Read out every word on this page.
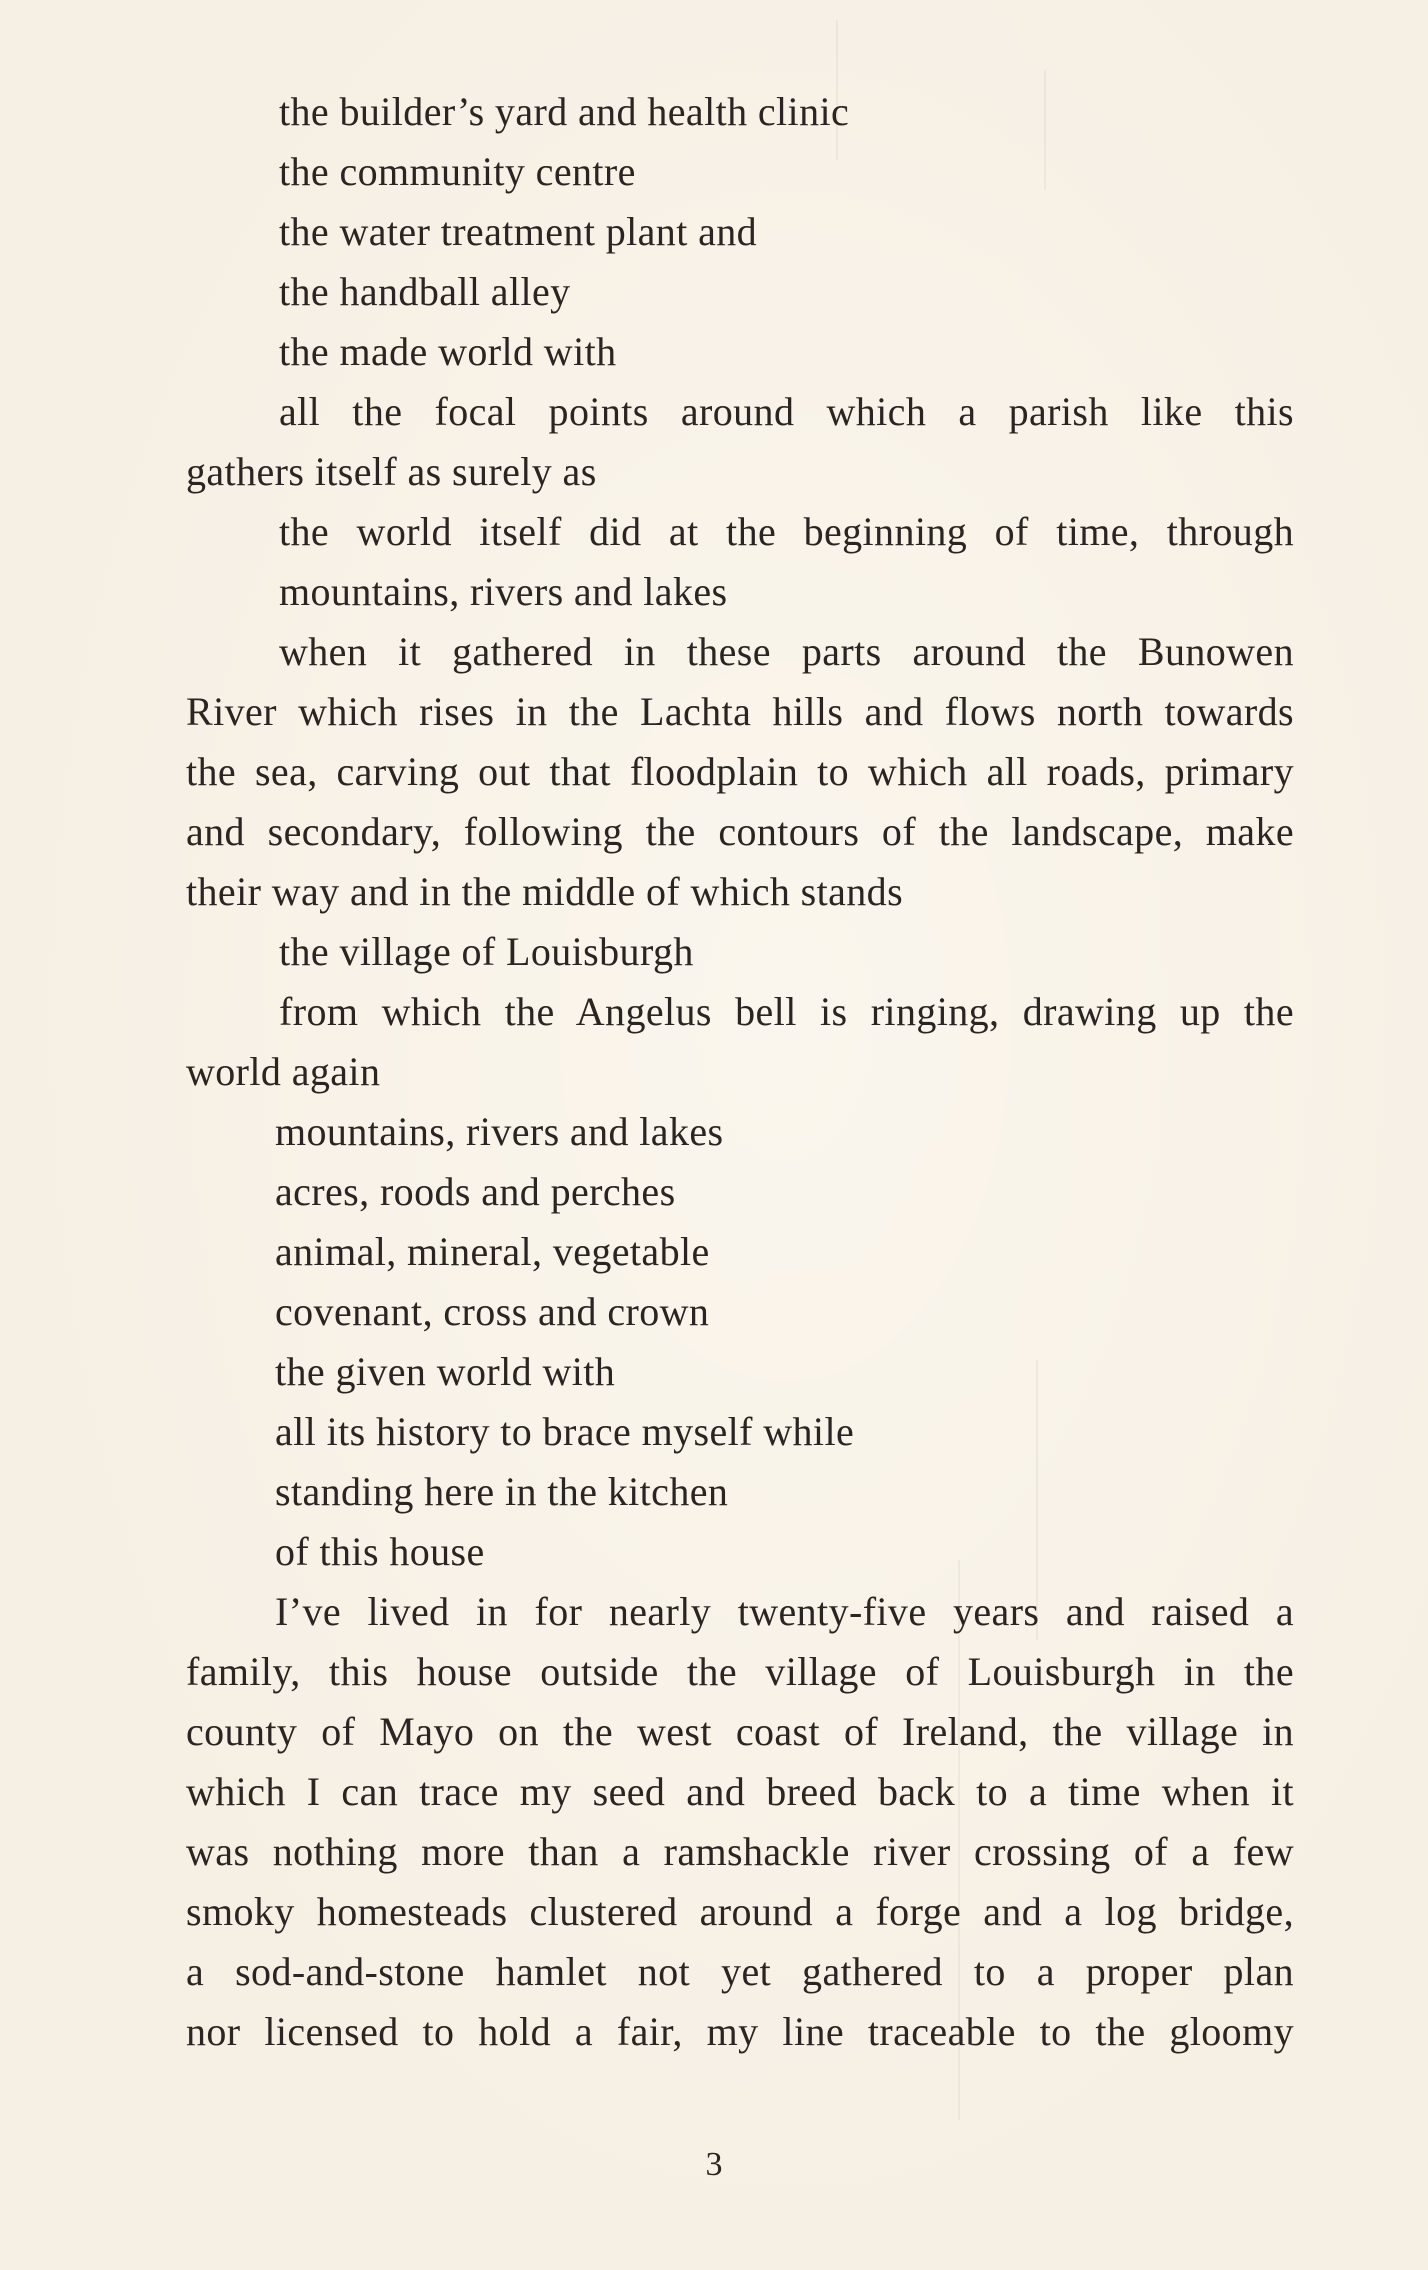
the builder’s yard and health clinic
the community centre
the water treatment plant and
the handball alley
the made world with
all the focal points around which a parish like this
gathers itself as surely as
the world itself did at the beginning of time, through
mountains, rivers and lakes
when it gathered in these parts around the Bunowen
River which rises in the Lachta hills and flows north towards
the sea, carving out that floodplain to which all roads, primary
and secondary, following the contours of the landscape, make
their way and in the middle of which stands
the village of Louisburgh
from which the Angelus bell is ringing, drawing up the
world again
mountains, rivers and lakes
acres, roods and perches
animal, mineral, vegetable
covenant, cross and crown
the given world with
all its history to brace myself while
standing here in the kitchen
of this house
I’ve lived in for nearly twenty-five years and raised a
family, this house outside the village of Louisburgh in the
county of Mayo on the west coast of Ireland, the village in
which I can trace my seed and breed back to a time when it
was nothing more than a ramshackle river crossing of a few
smoky homesteads clustered around a forge and a log bridge,
a sod-and-stone hamlet not yet gathered to a proper plan
nor licensed to hold a fair, my line traceable to the gloomy
3
